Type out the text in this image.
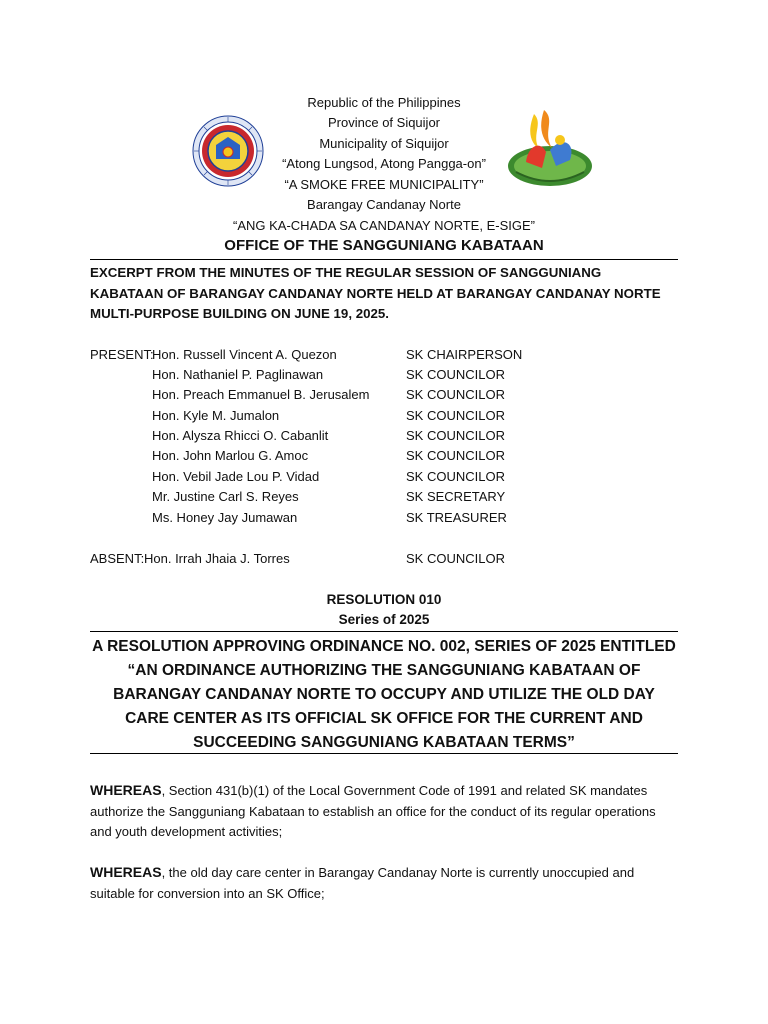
Republic of the Philippines
Province of Siquijor
Municipality of Siquijor
“Atong Lungsod, Atong Pangga-on”
“A SMOKE FREE MUNICIPALITY”
Barangay Candanay Norte
“ANG KA-CHADA SA CANDANAY NORTE, E-SIGE”
OFFICE OF THE SANGGUNIANG KABATAAN
EXCERPT FROM THE MINUTES OF THE REGULAR SESSION OF SANGGUNIANG KABATAAN OF BARANGAY CANDANAY NORTE HELD AT BARANGAY CANDANAY NORTE MULTI-PURPOSE BUILDING ON JUNE 19, 2025.
PRESENT:
Hon. Russell Vincent A. Quezon	SK CHAIRPERSON
Hon. Nathaniel P. Paglinawan	SK COUNCILOR
Hon. Preach Emmanuel B. Jerusalem	SK COUNCILOR
Hon. Kyle M. Jumalon	SK COUNCILOR
Hon. Alysza Rhicci O. Cabanlit	SK COUNCILOR
Hon. John Marlou G. Amoc	SK COUNCILOR
Hon. Vebil Jade Lou P. Vidad	SK COUNCILOR
Mr. Justine Carl S. Reyes	SK SECRETARY
Ms. Honey Jay Jumawan	SK TREASURER
ABSENT: Hon. Irrah Jhaia J. Torres	SK COUNCILOR
RESOLUTION 010
Series of 2025
A RESOLUTION APPROVING ORDINANCE NO. 002, SERIES OF 2025 ENTITLED “AN ORDINANCE AUTHORIZING THE SANGGUNIANG KABATAAN OF BARANGAY CANDANAY NORTE TO OCCUPY AND UTILIZE THE OLD DAY CARE CENTER AS ITS OFFICIAL SK OFFICE FOR THE CURRENT AND SUCCEEDING SANGGUNIANG KABATAAN TERMS”
WHEREAS, Section 431(b)(1) of the Local Government Code of 1991 and related SK mandates authorize the Sangguniang Kabataan to establish an office for the conduct of its regular operations and youth development activities;
WHEREAS, the old day care center in Barangay Candanay Norte is currently unoccupied and suitable for conversion into an SK Office;
